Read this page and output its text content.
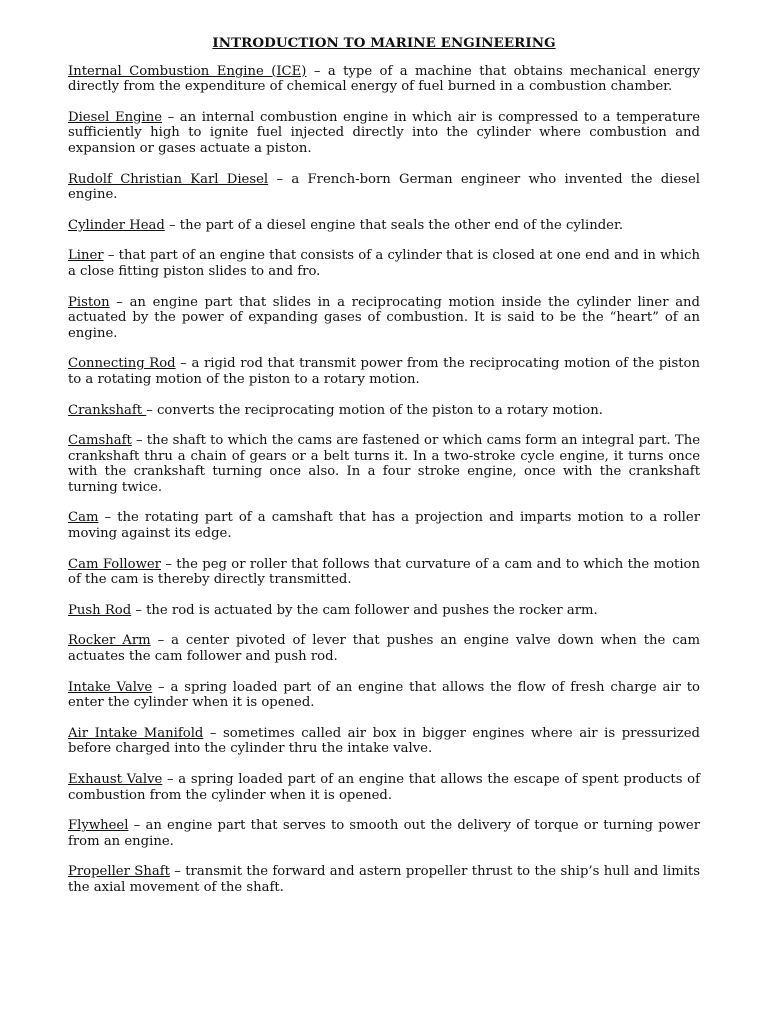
INTRODUCTION TO MARINE ENGINEERING
Internal Combustion Engine (ICE) – a type of a machine that obtains mechanical energy directly from the expenditure of chemical energy of fuel burned in a combustion chamber.
Diesel Engine – an internal combustion engine in which air is compressed to a temperature sufficiently high to ignite fuel injected directly into the cylinder where combustion and expansion or gases actuate a piston.
Rudolf Christian Karl Diesel – a French-born German engineer who invented the diesel engine.
Cylinder Head – the part of a diesel engine that seals the other end of the cylinder.
Liner – that part of an engine that consists of a cylinder that is closed at one end and in which a close fitting piston slides to and fro.
Piston – an engine part that slides in a reciprocating motion inside the cylinder liner and actuated by the power of expanding gases of combustion. It is said to be the “heart” of an engine.
Connecting Rod – a rigid rod that transmit power from the reciprocating motion of the piston to a rotating motion of the piston to a rotary motion.
Crankshaft – converts the reciprocating motion of the piston to a rotary motion.
Camshaft – the shaft to which the cams are fastened or which cams form an integral part. The crankshaft thru a chain of gears or a belt turns it. In a two-stroke cycle engine, it turns once with the crankshaft turning once also. In a four stroke engine, once with the crankshaft turning twice.
Cam – the rotating part of a camshaft that has a projection and imparts motion to a roller moving against its edge.
Cam Follower – the peg or roller that follows that curvature of a cam and to which the motion of the cam is thereby directly transmitted.
Push Rod – the rod is actuated by the cam follower and pushes the rocker arm.
Rocker Arm – a center pivoted of lever that pushes an engine valve down when the cam actuates the cam follower and push rod.
Intake Valve – a spring loaded part of an engine that allows the flow of fresh charge air to enter the cylinder when it is opened.
Air Intake Manifold – sometimes called air box in bigger engines where air is pressurized before charged into the cylinder thru the intake valve.
Exhaust Valve – a spring loaded part of an engine that allows the escape of spent products of combustion from the cylinder when it is opened.
Flywheel – an engine part that serves to smooth out the delivery of torque or turning power from an engine.
Propeller Shaft – transmit the forward and astern propeller thrust to the ship’s hull and limits the axial movement of the shaft.
